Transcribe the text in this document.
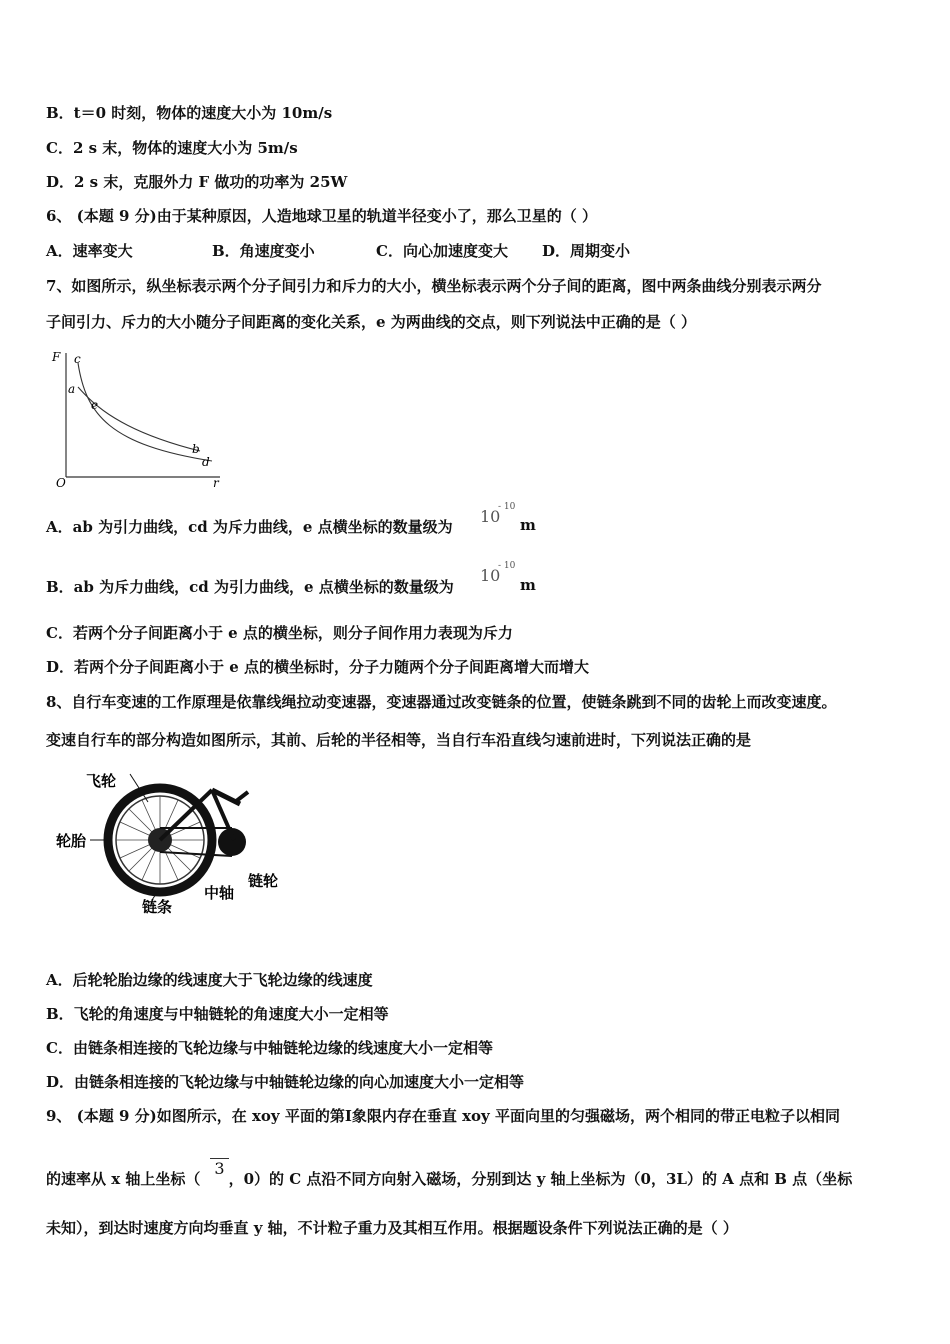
B．t＝0 时刻，物体的速度大小为 10m/s
C．2 s 末，物体的速度大小为 5m/s
D．2 s 末，克服外力 F 做功的功率为 25W
6、 (本题 9 分)由于某种原因，人造地球卫星的轨道半径变小了，那么卫星的（ ）
A．速率变大	B．角速度变小	C．向心加速度变大 D．周期变小
7、如图所示，纵坐标表示两个分子间引力和斥力的大小，横坐标表示两个分子间的距离，图中两条曲线分别表示两分
子间引力、斥力的大小随分子间距离的变化关系，e 为两曲线的交点，则下列说法中正确的是（ ）
F c
a
e
b
d
O	r
A．ab 为引力曲线，cd 为斥力曲线，e 点横坐标的数量级为
10
- 10
m
B．ab 为斥力曲线，cd 为引力曲线，e 点横坐标的数量级为
10
- 10
m
C．若两个分子间距离小于 e 点的横坐标，则分子间作用力表现为斥力
D．若两个分子间距离小于 e 点的横坐标时，分子力随两个分子间距离增大而增大
8、自行车变速的工作原理是依靠线绳拉动变速器，变速器通过改变链条的位置，使链条跳到不同的齿轮上而改变速度。
变速自行车的部分构造如图所示，其前、后轮的半径相等，当自行车沿直线匀速前进时，下列说法正确的是
飞轮
轮胎
链条
中轴
链轮
A．后轮轮胎边缘的线速度大于飞轮边缘的线速度
B．飞轮的角速度与中轴链轮的角速度大小一定相等
C．由链条相连接的飞轮边缘与中轴链轮边缘的线速度大小一定相等
D．由链条相连接的飞轮边缘与中轴链轮边缘的向心加速度大小一定相等
9、 (本题 9 分)如图所示，在 xoy 平面的第Ⅰ象限内存在垂直 xoy 平面向里的匀强磁场，两个相同的带正电粒子以相同
的速率从 x 轴上坐标（3，0）的 C 点沿不同方向射入磁场，分别到达 y 轴上坐标为（0，3L）的 A 点和 B 点（坐标
未知），到达时速度方向均垂直 y 轴，不计粒子重力及其相互作用。根据题设条件下列说法正确的是（ ）
